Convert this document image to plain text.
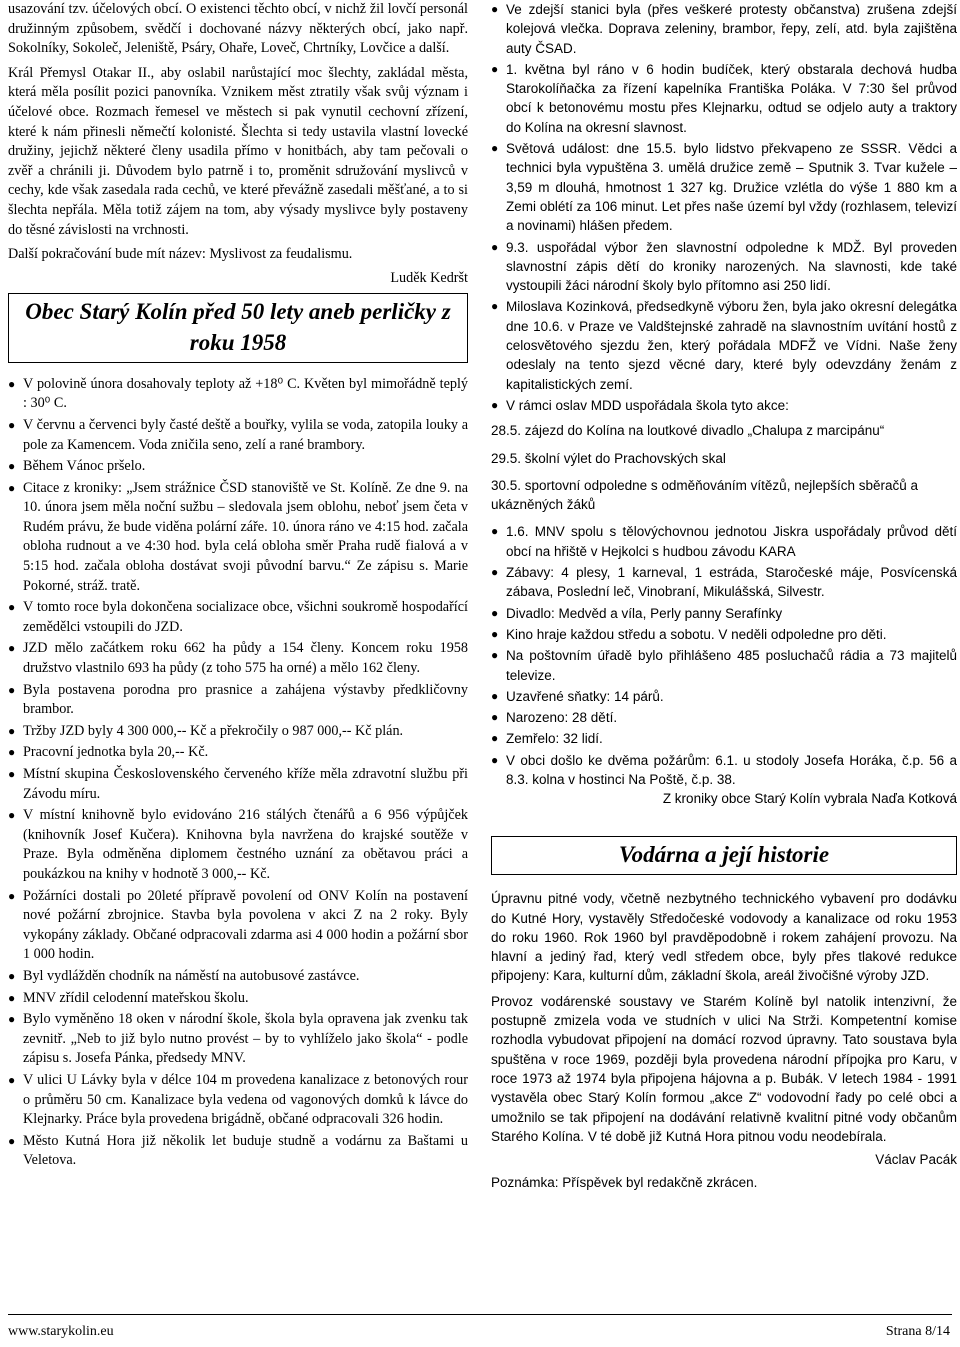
usazování tzv. účelových obcí. O existenci těchto obcí, v nichž žil lovčí personál družinným způsobem, svědčí i dochované názvy některých obcí, jako např. Sokolníky, Sokoleč, Jeleniště, Psáry, Ohaře, Loveč, Chrtníky, Lovčice a další.

Král Přemysl Otakar II., aby oslabil narůstající moc šlechty, zakládal města, která měla posílit pozici panovníka. Vznikem měst ztratily však svůj význam i účelové obce. Rozmach řemesel ve městech si pak vynutil cechovní zřízení, které k nám přinesli němečtí kolonisté. Šlechta si tedy ustavila vlastní lovecké družiny, jejichž některé členy usadila přímo v honitbách, aby tam pečovali o zvěř a chránili ji. Důvodem bylo patrně i to, proměnit sdružování myslivců v cechy, kde však zasedala rada cechů, ve které převážně zasedali měšťané, a to si šlechta nepřála. Měla totiž zájem na tom, aby výsady myslivce byly postaveny do těsné závislosti na vrchnosti.

Další pokračování bude mít název: Myslivost za feudalismu.

Luděk Kedršt
Obec Starý Kolín před 50 lety aneb perličky z roku 1958
● V polovině února dosahovaly teploty až +18⁰ C. Květen byl mimořádně teplý : 30⁰ C.
● V červnu a červenci byly časté deště a bouřky, vylila se voda, zatopila louky a pole za Kamencem. Voda zničila seno, zelí a rané brambory.
● Během Vánoc pršelo.
● Citace z kroniky: „Jsem strážnice ČSD stanoviště ve St. Kolíně. Ze dne 9. na 10. února jsem měla noční sužbu – sledovala jsem oblohu, neboť jsem četa v Rudém právu, že bude viděna polární záře. 10. února ráno ve 4:15 hod. začala obloha rudnout a ve 4:30 hod. byla celá obloha směr Praha rudě fialová a v 5:15 hod. začala obloha dostávat svoji původní barvu.“ Ze zápisu s. Marie Pokorné, stráž. tratě.
● V tomto roce byla dokončena socializace obce, všichni soukromě hospodařící zemědělci vstoupili do JZD.
● JZD mělo začátkem roku 662 ha půdy a 154 členy. Koncem roku 1958 družstvo vlastnilo 693 ha půdy (z toho 575 ha orné) a mělo 162 členy.
● Byla postavena porodna pro prasnice a zahájena výstavby předkličovny brambor.
● Tržby JZD byly 4 300 000,-- Kč a překročily o 987 000,-- Kč plán.
● Pracovní jednotka byla 20,-- Kč.
● Místní skupina Československého červeného kříže měla zdravotní službu při Závodu míru.
● V místní knihovně bylo evidováno 216 stálých čtenářů a 6 956 výpůjček (knihovník Josef Kučera). Knihovna byla navržena do krajské soutěže v Praze. Byla odměněna diplomem čestného uznání za obětavou práci a poukázkou na knihy v hodnotě 3 000,-- Kč.
● Požárníci dostali po 20leté přípravě povolení od ONV Kolín na postavení nové požární zbrojnice. Stavba byla povolena v akci Z na 2 roky. Byly vykopány základy. Občané odpracovali zdarma asi 4 000 hodin a požární sbor 1 000 hodin.
● Byl vydlážděn chodník na náměstí na autobusové zastávce.
● MNV zřídil celodenní mateřskou školu.
● Bylo vyměněno 18 oken v národní škole, škola byla opravena jak zvenku tak zevnitř. „Neb to již bylo nutno provést – by to vyhlíželo jako škola“ - podle zápisu s. Josefa Pánka, předsedy MNV.
● V ulici U Lávky byla v délce 104 m provedena kanalizace z betonových rour o průměru 50 cm. Kanalizace byla vedena od vagonových domků k lávce do Klejnarky. Práce byla provedena brigádně, občané odpracovali 326 hodin.
● Město Kutná Hora již několik let buduje studně a vodárnu za Baštami u Veletova.
● Ve zdejší stanici byla (přes veškeré protesty občanstva) zrušena zdejší kolejová vlečka. Doprava zeleniny, brambor, řepy, zelí, atd. byla zajištěna auty ČSAD.
● 1. května byl ráno v 6 hodin budíček, který obstarala dechová hudba Starokolíňačka za řízení kapelníka Františka Poláka. V 7:30 šel průvod obcí k betonovému mostu přes Klejnarku, odtud se odjelo auty a traktory do Kolína na okresní slavnost.
● Světová událost: dne 15.5. bylo lidstvo překvapeno ze SSSR. Vědci a technici byla vypuštěna 3. umělá družice země – Sputnik 3. Tvar kužele – 3,59 m dlouhá, hmotnost 1 327 kg. Družice vzlétla do výše 1 880 km a Zemi oblétí za 106 minut. Let přes naše území byl vždy (rozhlasem, televizí a novinami) hlášen předem.
● 9.3. uspořádal výbor žen slavnostní odpoledne k MDŽ. Byl proveden slavnostní zápis dětí do kroniky narozených. Na slavnosti, kde také vystoupili žáci národní školy bylo přítomno asi 250 lidí.
● Miloslava Kozinková, předsedkyně výboru žen, byla jako okresní delegátka dne 10.6. v Praze ve Valdštejnské zahradě na slavnostním uvítání hostů z celosvětového sjezdu žen, který pořádala MDFŽ ve Vídni. Naše ženy odeslaly na tento sjezd věcné dary, které byly odevzdány ženám z kapitalistických zemí.
● V rámci oslav MDD uspořádala škola tyto akce:
28.5. zájezd do Kolína na loutkové divadlo „Chalupa z marcipánu“
29.5. školní výlet do Prachovských skal
30.5. sportovní odpoledne s odměňováním vítězů, nejlepších sběračů a ukázněných žáků
● 1.6. MNV spolu s tělovýchovnou jednotou Jiskra uspořádaly průvod dětí obcí na hřiště v Hejkolci s hudbou závodu KARA
● Zábavy: 4 plesy, 1 karneval, 1 estráda, Staročeské máje, Posvícenská zábava, Poslední leč, Vinobraní, Mikulášská, Silvestr.
● Divadlo: Medvěd a víla, Perly panny Serafínky
● Kino hraje každou středu a sobotu. V neděli odpoledne pro děti.
● Na poštovním úřadě bylo přihlášeno 485 posluchačů rádia a 73 majitelů televize.
● Uzavřené sňatky: 14 párů.
● Narozeno: 28 dětí.
● Zemřelo: 32 lidí.
● V obci došlo ke dvěma požárům: 6.1. u stodoly Josefa Horáka, č.p. 56 a 8.3. kolna v hostinci Na Poště, č.p. 38.
Z kroniky obce Starý Kolín vybrala Naďa Kotková
Vodárna a její historie

Úpravnu pitné vody, včetně nezbytného technického vybavení pro dodávku do Kutné Hory, vystavěly Středočeské vodovody a kanalizace od roku 1953 do roku 1960. Rok 1960 byl pravděpodobně i rokem zahájení provozu. Na hlavní a jediný řad, který vedl středem obce, byly přes tlakové redukce připojeny: Kara, kulturní dům, základní škola, areál živočišné výroby JZD.

Provoz vodárenské soustavy ve Starém Kolíně byl natolik intenzivní, že postupně zmizela voda ve studních v ulici Na Strži. Kompetentní komise rozhodla vybudovat připojení na domácí rozvod úpravny. Tato soustava byla spuštěna v roce 1969, později byla provedena národní přípojka pro Karu, v roce 1973 až 1974 byla připojena hájovna a p. Bubák. V letech 1984 - 1991 vystavěla obec Starý Kolín formou „akce Z“ vodovodní řady po celé obci a umožnilo se tak připojení na dodávání relativně kvalitní pitné vody občanům Starého Kolína. V té době již Kutná Hora pitnou vodu neodebírala.

Václav Pacák
Poznámka: Příspěvek byl redakčně zkrácen.
www.starykolin.eu	Strana 8/14
